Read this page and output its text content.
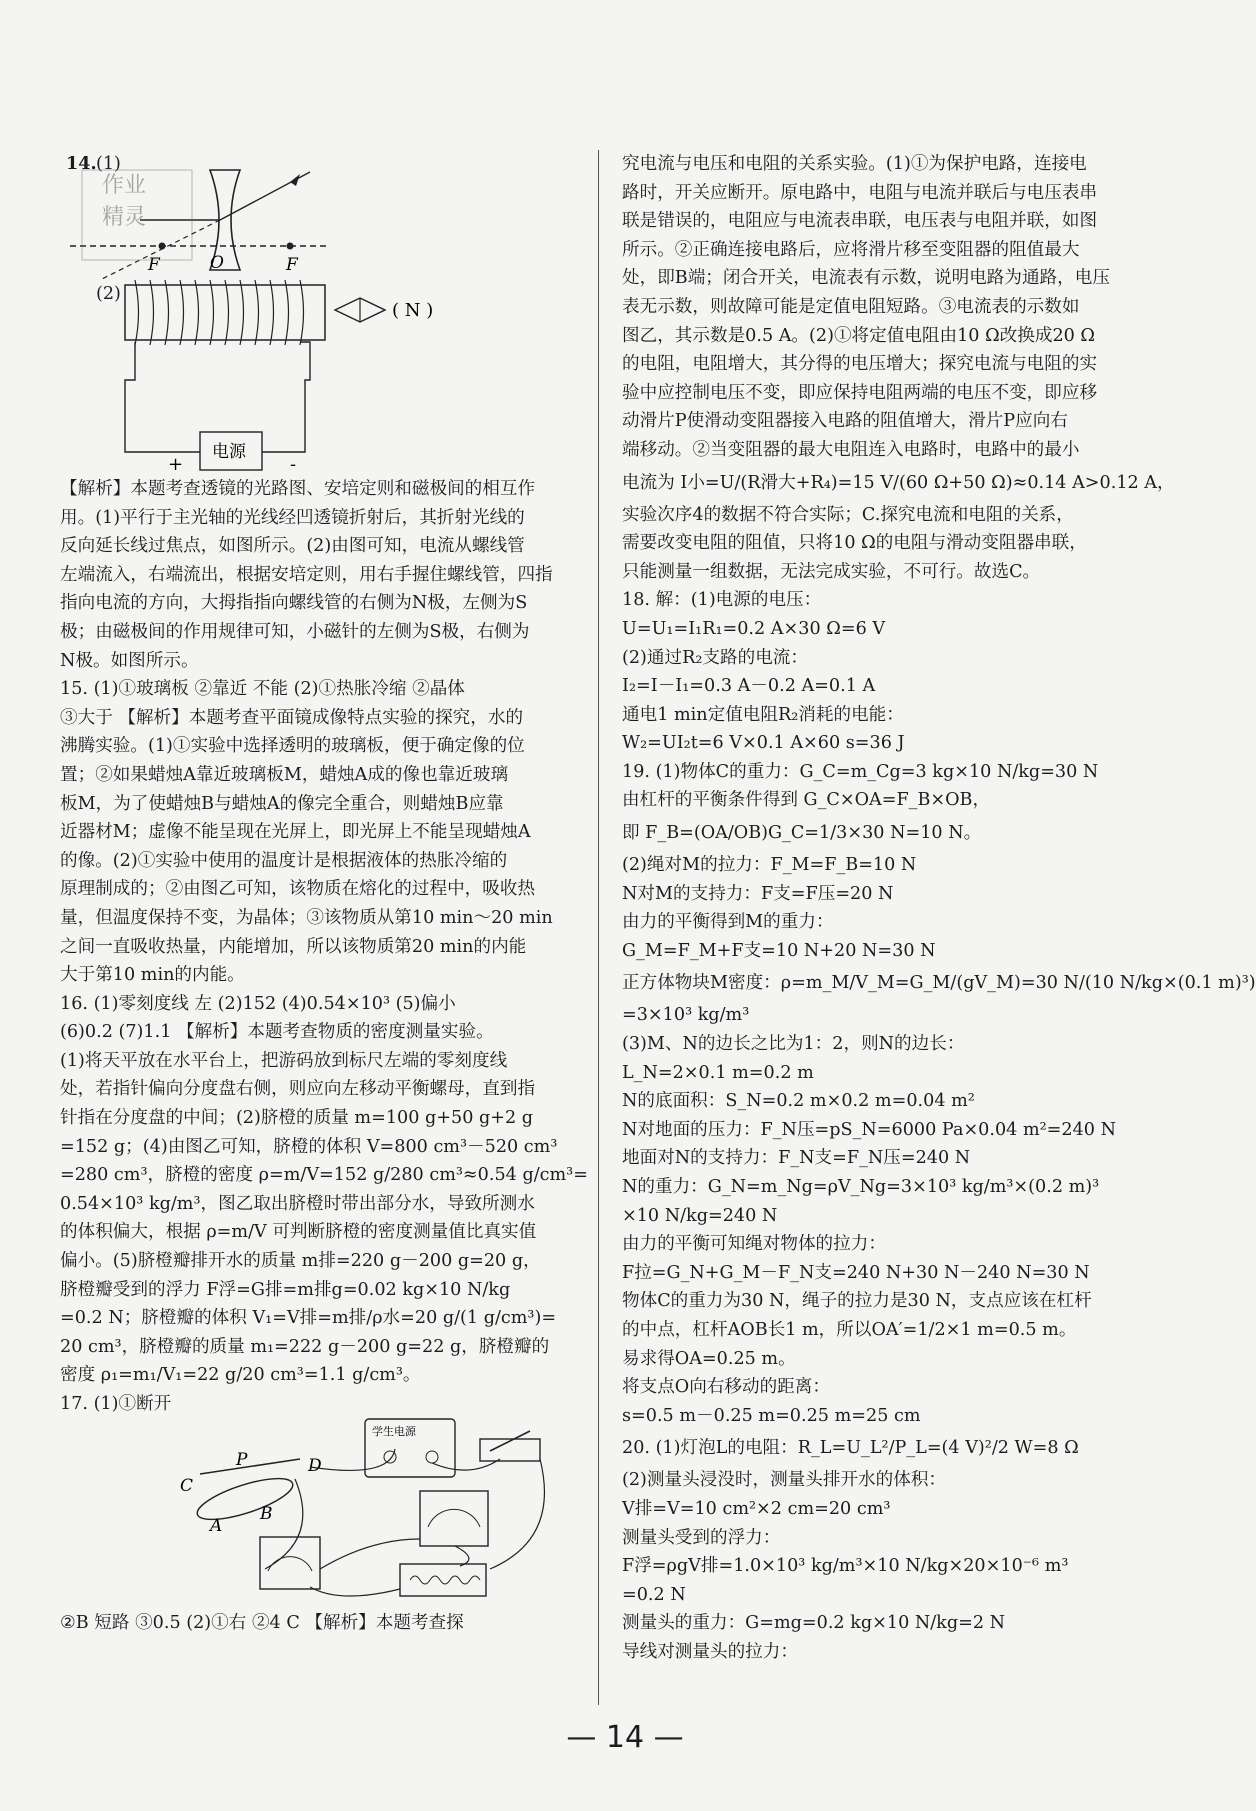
14. (1)
F	O	F
作业
精灵
(2)
电源
+	-
( N )

【解析】本题考查透镜的光路图、安培定则和磁极间的相互作

用。(1)平行于主光轴的光线经凹透镜折射后，其折射光线的

反向延长线过焦点，如图所示。(2)由图可知，电流从螺线管

左端流入，右端流出，根据安培定则，用右手握住螺线管，四指

指向电流的方向，大拇指指向螺线管的右侧为N极，左侧为S

极；由磁极间的作用规律可知，小磁针的左侧为S极，右侧为

N极。如图所示。

15. (1)①玻璃板 ②靠近 不能 (2)①热胀冷缩 ②晶体

③大于 【解析】本题考查平面镜成像特点实验的探究，水的

沸腾实验。(1)①实验中选择透明的玻璃板，便于确定像的位

置；②如果蜡烛A靠近玻璃板M，蜡烛A成的像也靠近玻璃

板M，为了使蜡烛B与蜡烛A的像完全重合，则蜡烛B应靠

近器材M；虚像不能呈现在光屏上，即光屏上不能呈现蜡烛A

的像。(2)①实验中使用的温度计是根据液体的热胀冷缩的

原理制成的；②由图乙可知，该物质在熔化的过程中，吸收热

量，但温度保持不变，为晶体；③该物质从第10 min～20 min

之间一直吸收热量，内能增加，所以该物质第20 min的内能

大于第10 min的内能。

16. (1)零刻度线 左 (2)152 (4)0.54×10³ (5)偏小

(6)0.2 (7)1.1 【解析】本题考查物质的密度测量实验。

(1)将天平放在水平台上，把游码放到标尺左端的零刻度线

处，若指针偏向分度盘右侧，则应向左移动平衡螺母，直到指

针指在分度盘的中间；(2)脐橙的质量 m=100 g+50 g+2 g

=152 g；(4)由图乙可知，脐橙的体积 V=800 cm³－520 cm³

=280 cm³，脐橙的密度 ρ=m/V=152 g/280 cm³≈0.54 g/cm³=

0.54×10³ kg/m³，图乙取出脐橙时带出部分水，导致所测水

的体积偏大，根据 ρ=m/V 可判断脐橙的密度测量值比真实值

偏小。(5)脐橙瓣排开水的质量 m排=220 g－200 g=20 g，

脐橙瓣受到的浮力 F浮=G排=m排g=0.02 kg×10 N/kg

=0.2 N；脐橙瓣的体积 V₁=V排=m排/ρ水=20 g/(1 g/cm³)=

20 cm³，脐橙瓣的质量 m₁=222 g－200 g=22 g，脐橙瓣的

密度 ρ₁=m₁/V₁=22 g/20 cm³=1.1 g/cm³。

17. (1)①断开

学生电源
C
P	D
A
B

②B 短路 ③0.5 (2)①右 ②4 C 【解析】本题考查探

究电流与电压和电阻的关系实验。(1)①为保护电路，连接电

路时，开关应断开。原电路中，电阻与电流并联后与电压表串

联是错误的，电阻应与电流表串联，电压表与电阻并联，如图

所示。②正确连接电路后，应将滑片移至变阻器的阻值最大

处，即B端；闭合开关，电流表有示数，说明电路为通路，电压

表无示数，则故障可能是定值电阻短路。③电流表的示数如

图乙，其示数是0.5 A。(2)①将定值电阻由10 Ω改换成20 Ω

的电阻，电阻增大，其分得的电压增大；探究电流与电阻的实

验中应控制电压不变，即应保持电阻两端的电压不变，即应移

动滑片P使滑动变阻器接入电路的阻值增大，滑片P应向右

端移动。②当变阻器的最大电阻连入电路时，电路中的最小

电流为 I小=U/(R滑大+R₄)=15 V/(60 Ω+50 Ω)≈0.14 A>0.12 A，

实验次序4的数据不符合实际；C.探究电流和电阻的关系，

需要改变电阻的阻值，只将10 Ω的电阻与滑动变阻器串联，

只能测量一组数据，无法完成实验，不可行。故选C。

18. 解：(1)电源的电压：

U=U₁=I₁R₁=0.2 A×30 Ω=6 V

(2)通过R₂支路的电流：

I₂=I－I₁=0.3 A－0.2 A=0.1 A

通电1 min定值电阻R₂消耗的电能：

W₂=UI₂t=6 V×0.1 A×60 s=36 J

19. (1)物体C的重力：G_C=m_Cg=3 kg×10 N/kg=30 N

由杠杆的平衡条件得到 G_C×OA=F_B×OB，

即 F_B=(OA/OB)G_C=1/3×30 N=10 N。

(2)绳对M的拉力：F_M=F_B=10 N

N对M的支持力：F支=F压=20 N

由力的平衡得到M的重力：

G_M=F_M+F支=10 N+20 N=30 N

正方体物块M密度：ρ=m_M/V_M=G_M/(gV_M)=30 N/(10 N/kg×(0.1 m)³)

=3×10³ kg/m³

(3)M、N的边长之比为1：2，则N的边长：

L_N=2×0.1 m=0.2 m

N的底面积：S_N=0.2 m×0.2 m=0.04 m²

N对地面的压力：F_N压=pS_N=6000 Pa×0.04 m²=240 N

地面对N的支持力：F_N支=F_N压=240 N

N的重力：G_N=m_Ng=ρV_Ng=3×10³ kg/m³×(0.2 m)³

×10 N/kg=240 N

由力的平衡可知绳对物体的拉力：

F拉=G_N+G_M－F_N支=240 N+30 N－240 N=30 N

物体C的重力为30 N，绳子的拉力是30 N，支点应该在杠杆

的中点，杠杆AOB长1 m，所以OA′=1/2×1 m=0.5 m。

易求得OA=0.25 m。

将支点O向右移动的距离：

s=0.5 m－0.25 m=0.25 m=25 cm

20. (1)灯泡L的电阻：R_L=U_L²/P_L=(4 V)²/2 W=8 Ω

(2)测量头浸没时，测量头排开水的体积：

V排=V=10 cm²×2 cm=20 cm³

测量头受到的浮力：

F浮=ρgV排=1.0×10³ kg/m³×10 N/kg×20×10⁻⁶ m³

=0.2 N

测量头的重力：G=mg=0.2 kg×10 N/kg=2 N

导线对测量头的拉力：

— 14 —
